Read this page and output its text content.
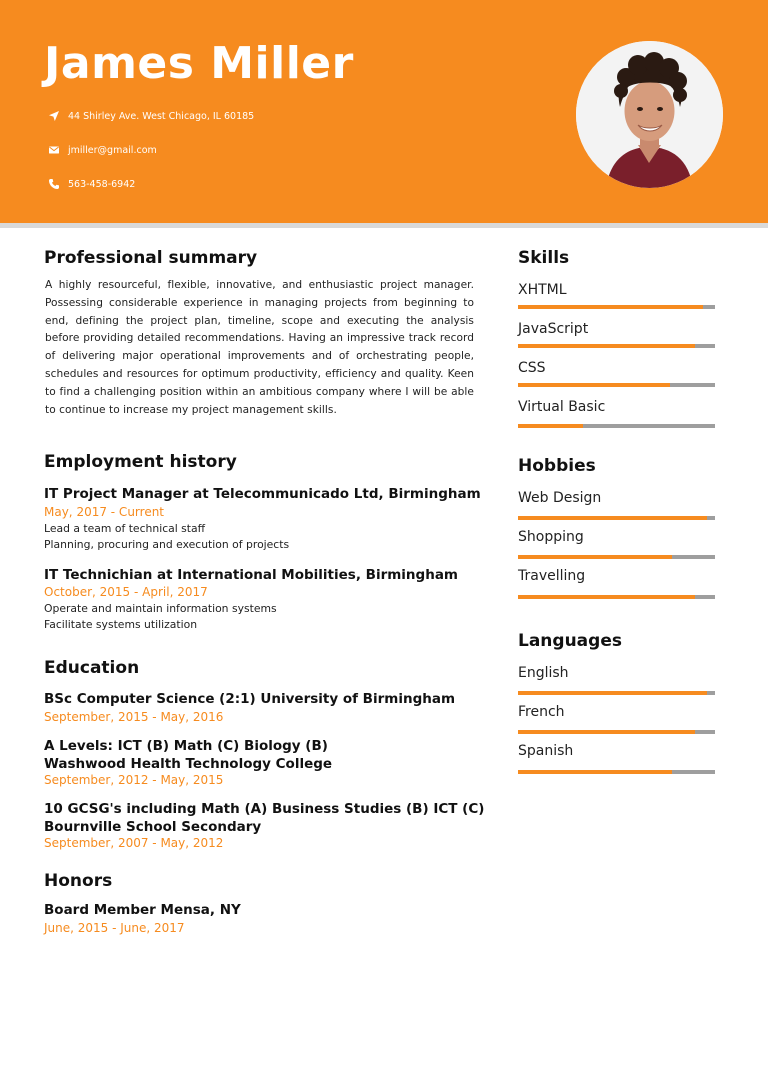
James Miller
44 Shirley Ave. West Chicago, IL 60185
jmiller@gmail.com
563-458-6942
Professional summary
A highly resourceful, flexible, innovative, and enthusiastic project manager. Possessing considerable experience in managing projects from beginning to end, defining the project plan, timeline, scope and executing the analysis before providing detailed recommendations. Having an impressive track record of delivering major operational improvements and of orchestrating people, schedules and resources for optimum productivity, efficiency and quality. Keen to find a challenging position within an ambitious company where I will be able to continue to increase my project management skills.
Employment history
IT Project Manager at Telecommunicado Ltd, Birmingham
May, 2017 - Current
Lead a team of technical staff
Planning, procuring and execution of projects
IT Technichian at International Mobilities, Birmingham
October, 2015 - April, 2017
Operate and maintain information systems
Facilitate systems utilization
Education
BSc Computer Science (2:1) University of Birmingham
September, 2015 - May, 2016
A Levels: ICT (B) Math (C) Biology (B)
Washwood Health Technology College
September, 2012 - May, 2015
10 GCSG's including Math (A) Business Studies (B) ICT (C)
Bournville School Secondary
September, 2007 - May, 2012
Honors
Board Member Mensa, NY
June, 2015 - June, 2017
Skills
XHTML
JavaScript
CSS
Virtual Basic
Hobbies
Web Design
Shopping
Travelling
Languages
English
French
Spanish
